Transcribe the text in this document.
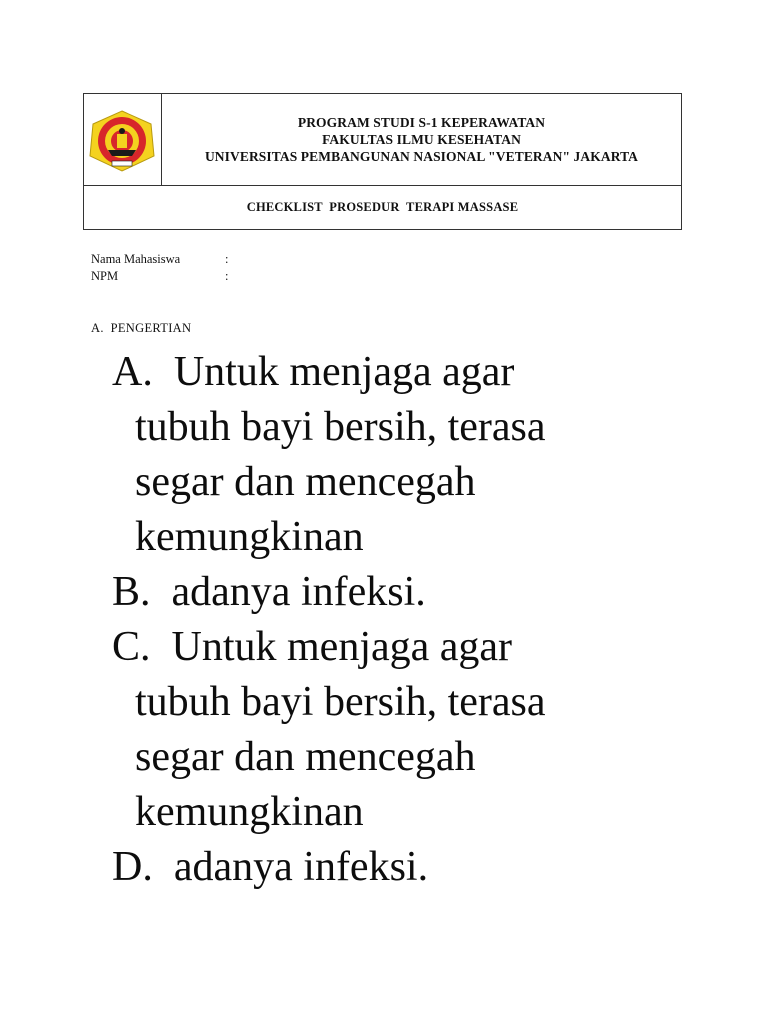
PROGRAM STUDI S-1 KEPERAWATAN
FAKULTAS ILMU KESEHATAN
UNIVERSITAS PEMBANGUNAN NASIONAL "VETERAN" JAKARTA
CHECKLIST  PROSEDUR  TERAPI MASSASE
Nama Mahasiswa	:
NPM	:
A. PENGERTIAN
A. Untuk menjaga agar
tubuh bayi bersih, terasa
segar dan mencegah
kemungkinan
B. adanya infeksi.
C. Untuk menjaga agar
tubuh bayi bersih, terasa
segar dan mencegah
kemungkinan
D. adanya infeksi.
